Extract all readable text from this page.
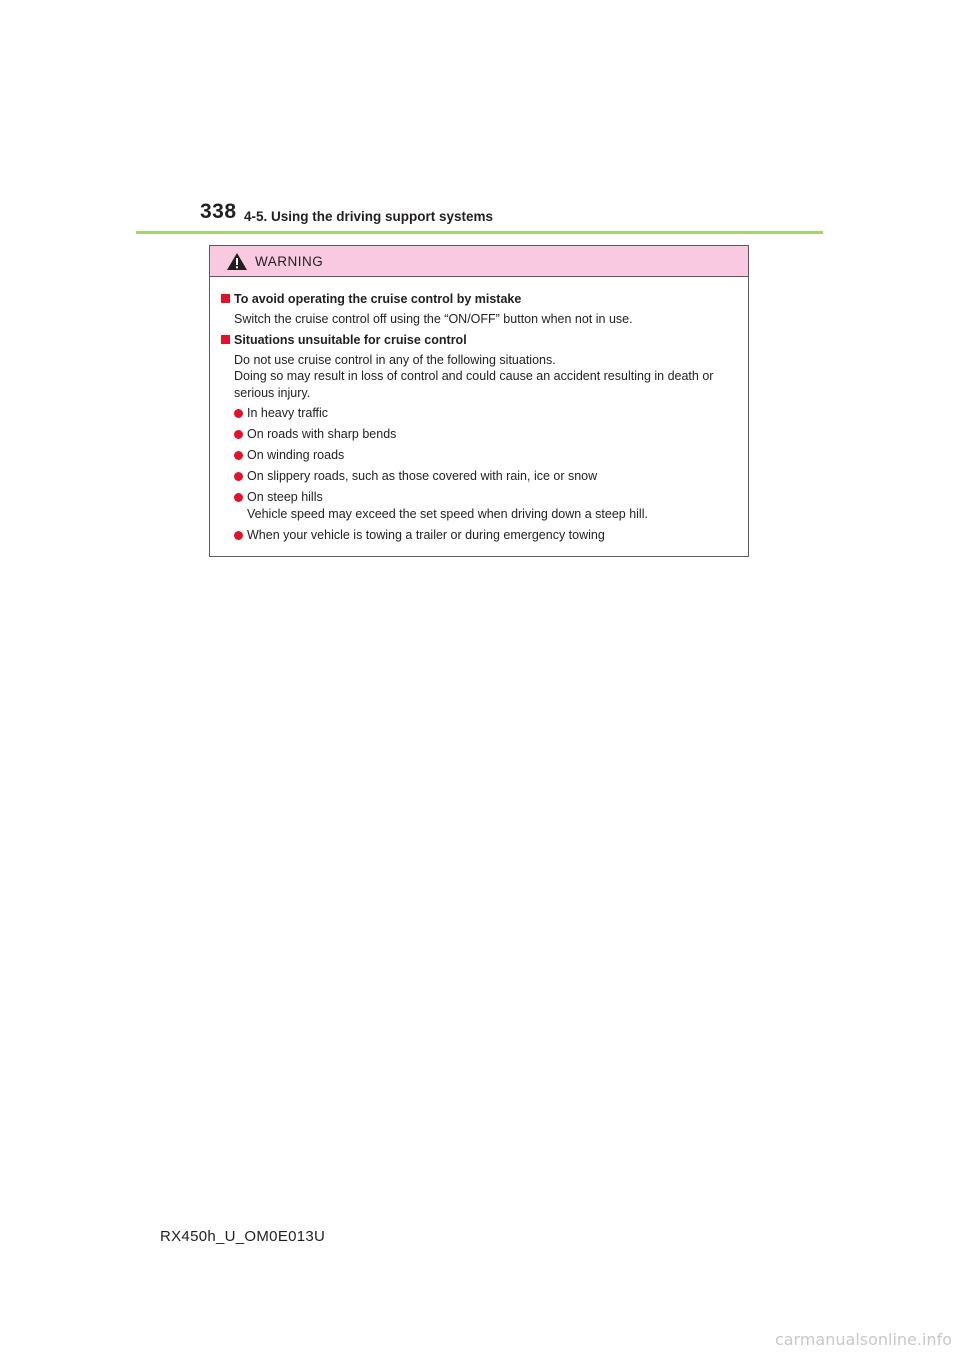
338 4-5. Using the driving support systems
WARNING
To avoid operating the cruise control by mistake
Switch the cruise control off using the “ON/OFF” button when not in use.
Situations unsuitable for cruise control
Do not use cruise control in any of the following situations.
Doing so may result in loss of control and could cause an accident resulting in death or serious injury.
In heavy traffic
On roads with sharp bends
On winding roads
On slippery roads, such as those covered with rain, ice or snow
On steep hills
Vehicle speed may exceed the set speed when driving down a steep hill.
When your vehicle is towing a trailer or during emergency towing
RX450h_U_OM0E013U
carmanualsonline.info
